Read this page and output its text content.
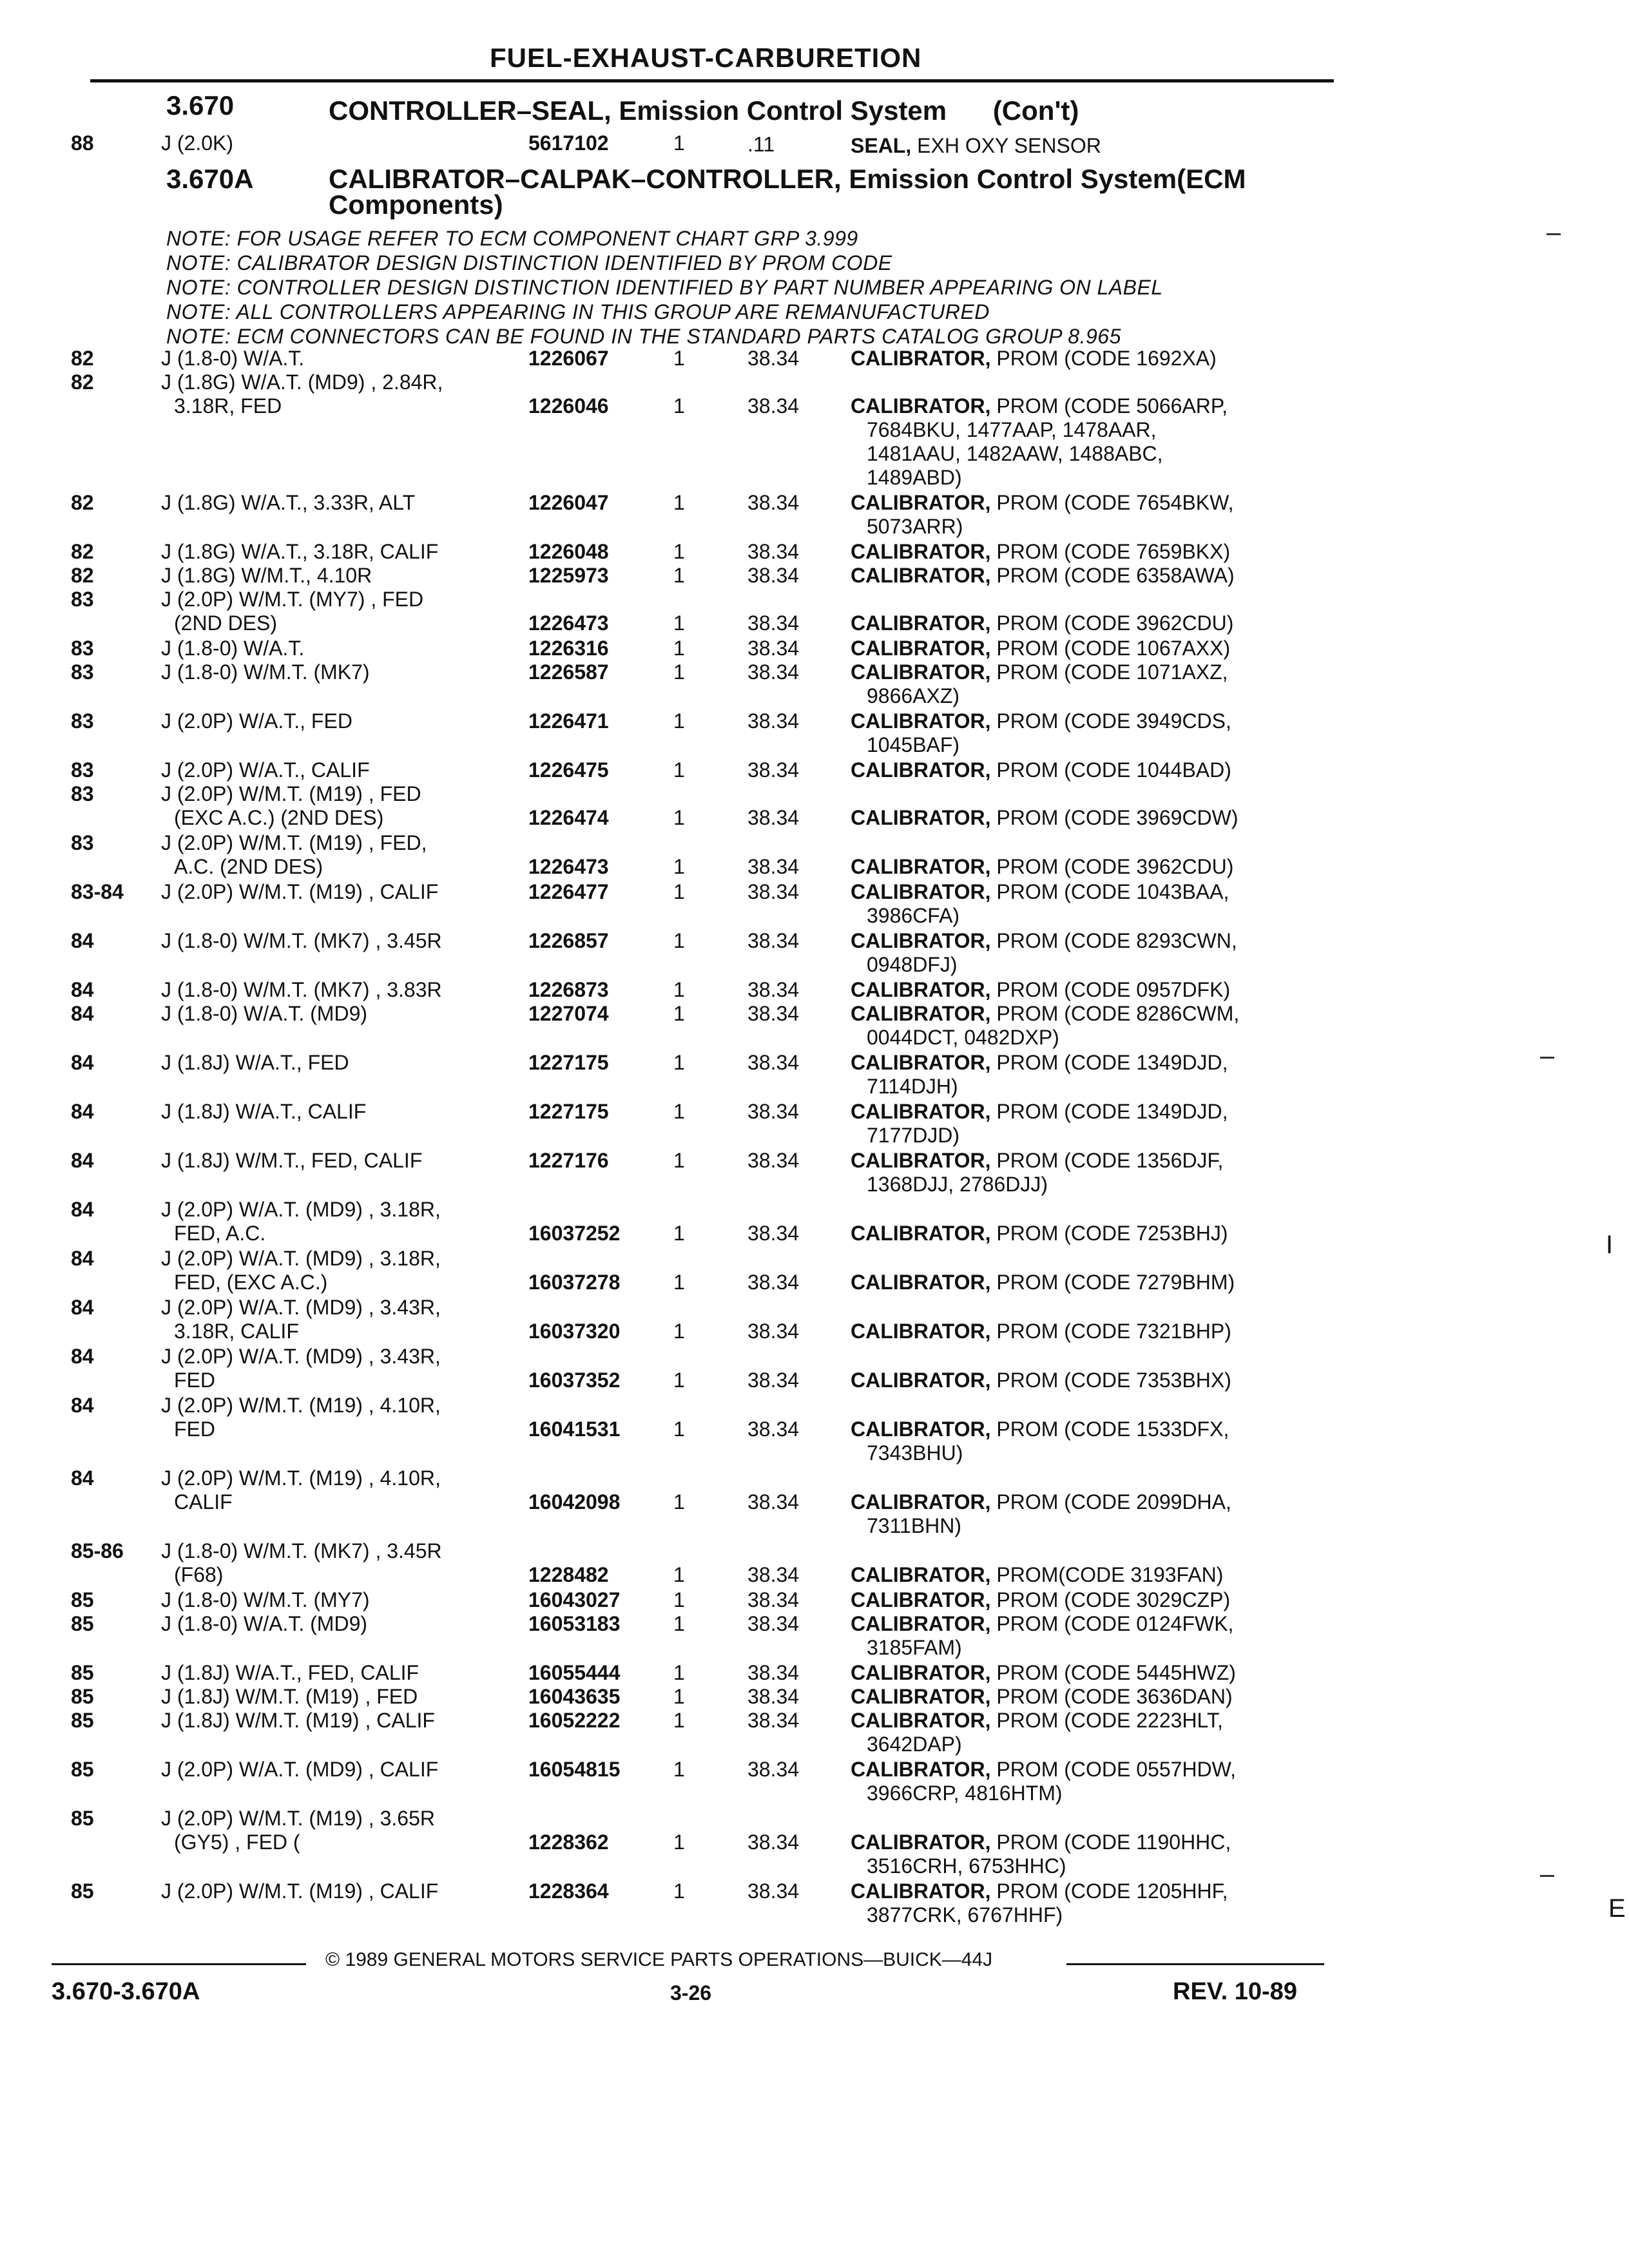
FUEL-EXHAUST-CARBURETION
3.670	CONTROLLER–SEAL, Emission Control System (Con't)
88	J (2.0K)	5617102	1	.11	SEAL, EXH OXY SENSOR
3.670A	CALIBRATOR–CALPAK–CONTROLLER, Emission Control System(ECM
Components)
NOTE: FOR USAGE REFER TO ECM COMPONENT CHART GRP 3.999
NOTE: CALIBRATOR DESIGN DISTINCTION IDENTIFIED BY PROM CODE
NOTE: CONTROLLER DESIGN DISTINCTION IDENTIFIED BY PART NUMBER APPEARING ON LABEL
NOTE: ALL CONTROLLERS APPEARING IN THIS GROUP ARE REMANUFACTURED
NOTE: ECM CONNECTORS CAN BE FOUND IN THE STANDARD PARTS CATALOG GROUP 8.965
82	J (1.8-0) W/A.T.	1226067	1	38.34 CALIBRATOR, PROM (CODE 1692XA)
82	J (1.8G) W/A.T. (MD9) , 2.84R,
3.18R, FED	1226046	1	38.34 CALIBRATOR, PROM (CODE 5066ARP,
7684BKU, 1477AAP, 1478AAR,
1481AAU, 1482AAW, 1488ABC,
1489ABD)
82	J (1.8G) W/A.T., 3.33R, ALT	1226047	1	38.34 CALIBRATOR, PROM (CODE 7654BKW,
5073ARR)
82	J (1.8G) W/A.T., 3.18R, CALIF	1226048	1	38.34 CALIBRATOR, PROM (CODE 7659BKX)
82	J (1.8G) W/M.T., 4.10R	1225973	1	38.34 CALIBRATOR, PROM (CODE 6358AWA)
83	J (2.0P) W/M.T. (MY7) , FED
(2ND DES)	1226473	1	38.34 CALIBRATOR, PROM (CODE 3962CDU)
83	J (1.8-0) W/A.T.	1226316	1	38.34 CALIBRATOR, PROM (CODE 1067AXX)
83	J (1.8-0) W/M.T. (MK7)	1226587	1	38.34 CALIBRATOR, PROM (CODE 1071AXZ,
9866AXZ)
83	J (2.0P) W/A.T., FED	1226471	1	38.34 CALIBRATOR, PROM (CODE 3949CDS,
1045BAF)
83	J (2.0P) W/A.T., CALIF	1226475	1	38.34 CALIBRATOR, PROM (CODE 1044BAD)
83	J (2.0P) W/M.T. (M19) , FED
(EXC A.C.) (2ND DES)	1226474	1	38.34 CALIBRATOR, PROM (CODE 3969CDW)
83	J (2.0P) W/M.T. (M19) , FED,
A.C. (2ND DES)	1226473	1	38.34 CALIBRATOR, PROM (CODE 3962CDU)
83-84 J (2.0P) W/M.T. (M19) , CALIF	1226477	1	38.34 CALIBRATOR, PROM (CODE 1043BAA,
3986CFA)
84	J (1.8-0) W/M.T. (MK7) , 3.45R	1226857	1	38.34 CALIBRATOR, PROM (CODE 8293CWN,
0948DFJ)
84	J (1.8-0) W/M.T. (MK7) , 3.83R	1226873	1	38.34 CALIBRATOR, PROM (CODE 0957DFK)
84	J (1.8-0) W/A.T. (MD9)	1227074	1	38.34 CALIBRATOR, PROM (CODE 8286CWM,
0044DCT, 0482DXP)
84	J (1.8J) W/A.T., FED	1227175	1	38.34 CALIBRATOR, PROM (CODE 1349DJD,
7114DJH)
84	J (1.8J) W/A.T., CALIF	1227175	1	38.34 CALIBRATOR, PROM (CODE 1349DJD,
7177DJD)
84	J (1.8J) W/M.T., FED, CALIF	1227176	1	38.34 CALIBRATOR, PROM (CODE 1356DJF,
1368DJJ, 2786DJJ)
84	J (2.0P) W/A.T. (MD9) , 3.18R,
FED, A.C.	16037252	1	38.34 CALIBRATOR, PROM (CODE 7253BHJ)
84	J (2.0P) W/A.T. (MD9) , 3.18R,
FED, (EXC A.C.)	16037278	1	38.34 CALIBRATOR, PROM (CODE 7279BHM)
84	J (2.0P) W/A.T. (MD9) , 3.43R,
3.18R, CALIF	16037320	1	38.34 CALIBRATOR, PROM (CODE 7321BHP)
84	J (2.0P) W/A.T. (MD9) , 3.43R,
FED	16037352	1	38.34 CALIBRATOR, PROM (CODE 7353BHX)
84	J (2.0P) W/M.T. (M19) , 4.10R,
FED	16041531	1	38.34 CALIBRATOR, PROM (CODE 1533DFX,
7343BHU)
84	J (2.0P) W/M.T. (M19) , 4.10R,
CALIF	16042098	1	38.34 CALIBRATOR, PROM (CODE 2099DHA,
7311BHN)
85-86 J (1.8-0) W/M.T. (MK7) , 3.45R
(F68)	1228482	1	38.34 CALIBRATOR, PROM(CODE 3193FAN)
85	J (1.8-0) W/M.T. (MY7)	16043027	1	38.34 CALIBRATOR, PROM (CODE 3029CZP)
85	J (1.8-0) W/A.T. (MD9)	16053183	1	38.34 CALIBRATOR, PROM (CODE 0124FWK,
3185FAM)
85	J (1.8J) W/A.T., FED, CALIF	16055444	1	38.34 CALIBRATOR, PROM (CODE 5445HWZ)
85	J (1.8J) W/M.T. (M19) , FED	16043635	1	38.34 CALIBRATOR, PROM (CODE 3636DAN)
85	J (1.8J) W/M.T. (M19) , CALIF	16052222	1	38.34 CALIBRATOR, PROM (CODE 2223HLT,
3642DAP)
85	J (2.0P) W/A.T. (MD9) , CALIF	16054815	1	38.34 CALIBRATOR, PROM (CODE 0557HDW,
3966CRP, 4816HTM)
85	J (2.0P) W/M.T. (M19) , 3.65R
(GY5) , FED (	1228362	1	38.34 CALIBRATOR, PROM (CODE 1190HHC,
3516CRH, 6753HHC)
85	J (2.0P) W/M.T. (M19) , CALIF	1228364	1	38.34 CALIBRATOR, PROM (CODE 1205HHF,
3877CRK, 6767HHF)
© 1989 GENERAL MOTORS SERVICE PARTS OPERATIONS—BUICK—44J
3.670-3.670A	3-26	REV. 10-89
I
E
